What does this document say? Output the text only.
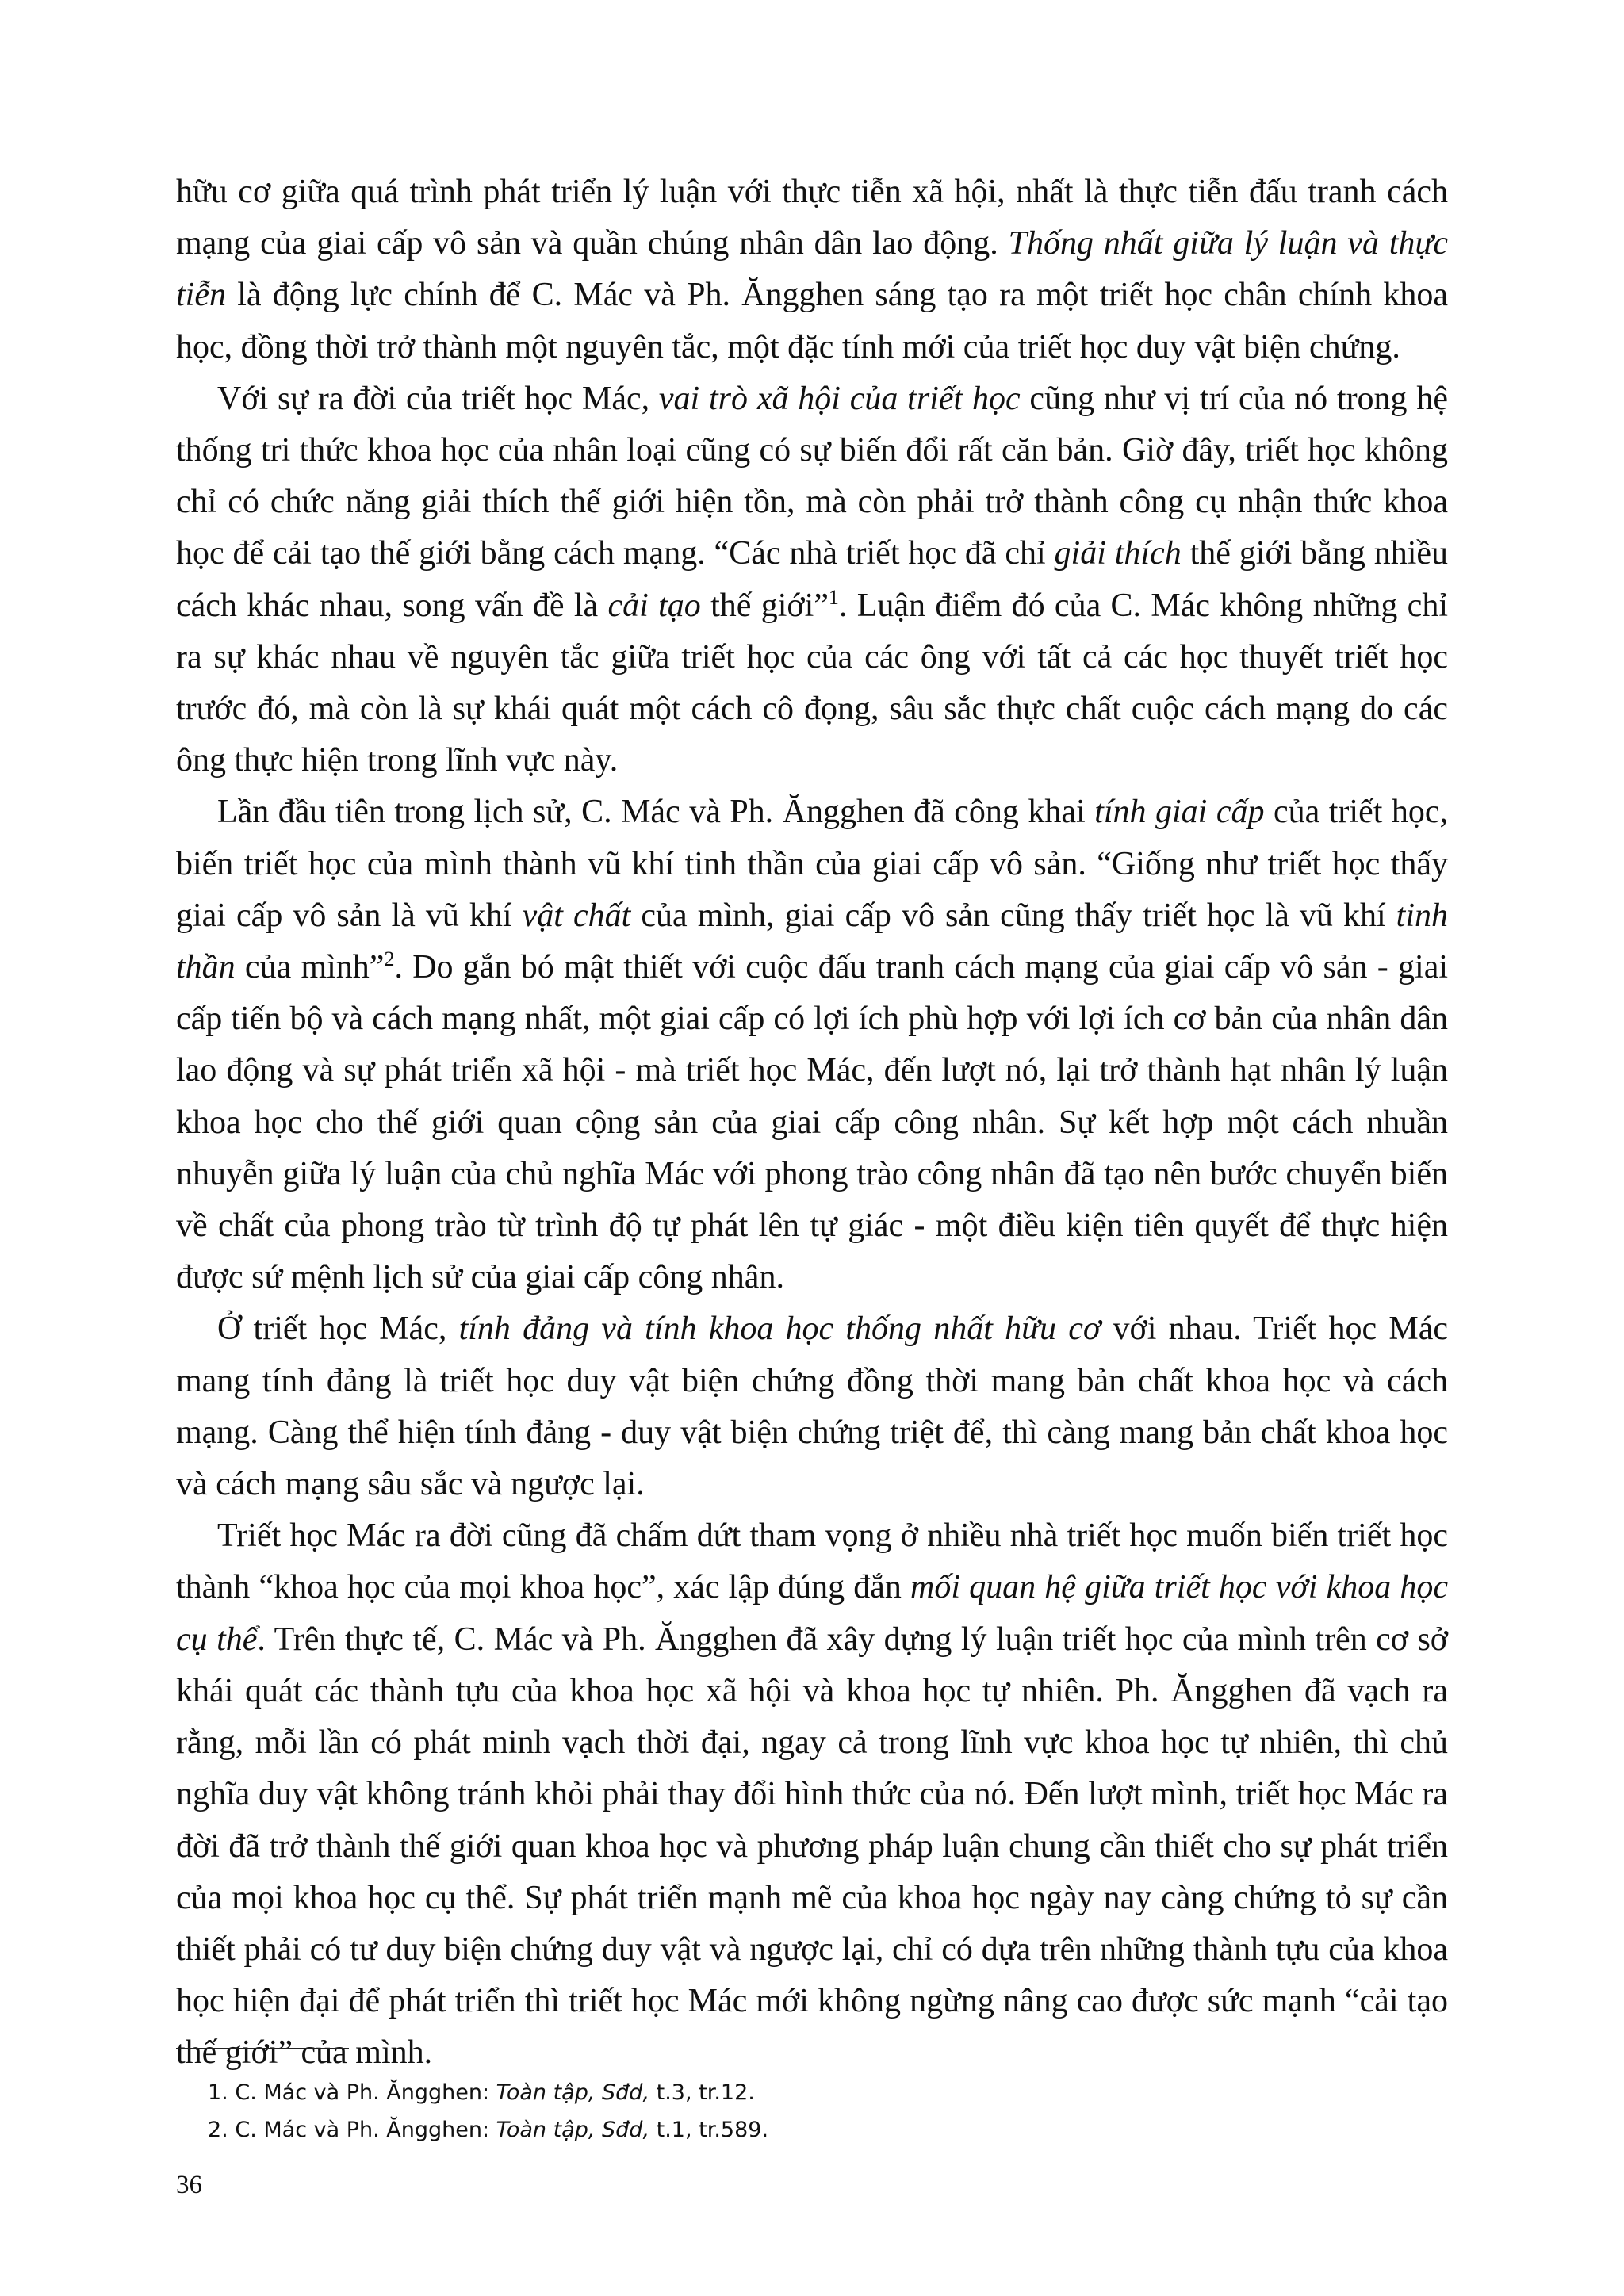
hữu cơ giữa quá trình phát triển lý luận với thực tiễn xã hội, nhất là thực tiễn đấu tranh cách mạng của giai cấp vô sản và quần chúng nhân dân lao động. Thống nhất giữa lý luận và thực tiễn là động lực chính để C. Mác và Ph. Ăngghen sáng tạo ra một triết học chân chính khoa học, đồng thời trở thành một nguyên tắc, một đặc tính mới của triết học duy vật biện chứng.

Với sự ra đời của triết học Mác, vai trò xã hội của triết học cũng như vị trí của nó trong hệ thống tri thức khoa học của nhân loại cũng có sự biến đổi rất căn bản. Giờ đây, triết học không chỉ có chức năng giải thích thế giới hiện tồn, mà còn phải trở thành công cụ nhận thức khoa học để cải tạo thế giới bằng cách mạng. “Các nhà triết học đã chỉ giải thích thế giới bằng nhiều cách khác nhau, song vấn đề là cải tạo thế giới”$^1$. Luận điểm đó của C. Mác không những chỉ ra sự khác nhau về nguyên tắc giữa triết học của các ông với tất cả các học thuyết triết học trước đó, mà còn là sự khái quát một cách cô đọng, sâu sắc thực chất cuộc cách mạng do các ông thực hiện trong lĩnh vực này.

Lần đầu tiên trong lịch sử, C. Mác và Ph. Ăngghen đã công khai tính giai cấp của triết học, biến triết học của mình thành vũ khí tinh thần của giai cấp vô sản. “Giống như triết học thấy giai cấp vô sản là vũ khí vật chất của mình, giai cấp vô sản cũng thấy triết học là vũ khí tinh thần của mình”$^2$. Do gắn bó mật thiết với cuộc đấu tranh cách mạng của giai cấp vô sản - giai cấp tiến bộ và cách mạng nhất, một giai cấp có lợi ích phù hợp với lợi ích cơ bản của nhân dân lao động và sự phát triển xã hội - mà triết học Mác, đến lượt nó, lại trở thành hạt nhân lý luận khoa học cho thế giới quan cộng sản của giai cấp công nhân. Sự kết hợp một cách nhuần nhuyễn giữa lý luận của chủ nghĩa Mác với phong trào công nhân đã tạo nên bước chuyển biến về chất của phong trào từ trình độ tự phát lên tự giác - một điều kiện tiên quyết để thực hiện được sứ mệnh lịch sử của giai cấp công nhân.

Ở triết học Mác, tính đảng và tính khoa học thống nhất hữu cơ với nhau. Triết học Mác mang tính đảng là triết học duy vật biện chứng đồng thời mang bản chất khoa học và cách mạng. Càng thể hiện tính đảng - duy vật biện chứng triệt để, thì càng mang bản chất khoa học và cách mạng sâu sắc và ngược lại.

Triết học Mác ra đời cũng đã chấm dứt tham vọng ở nhiều nhà triết học muốn biến triết học thành “khoa học của mọi khoa học”, xác lập đúng đắn mối quan hệ giữa triết học với khoa học cụ thể. Trên thực tế, C. Mác và Ph. Ăngghen đã xây dựng lý luận triết học của mình trên cơ sở khái quát các thành tựu của khoa học xã hội và khoa học tự nhiên. Ph. Ăngghen đã vạch ra rằng, mỗi lần có phát minh vạch thời đại, ngay cả trong lĩnh vực khoa học tự nhiên, thì chủ nghĩa duy vật không tránh khỏi phải thay đổi hình thức của nó. Đến lượt mình, triết học Mác ra đời đã trở thành thế giới quan khoa học và phương pháp luận chung cần thiết cho sự phát triển của mọi khoa học cụ thể. Sự phát triển mạnh mẽ của khoa học ngày nay càng chứng tỏ sự cần thiết phải có tư duy biện chứng duy vật và ngược lại, chỉ có dựa trên những thành tựu của khoa học hiện đại để phát triển thì triết học Mác mới không ngừng nâng cao được sức mạnh “cải tạo thế giới” của mình.

1. C. Mác và Ph. Ăngghen: Toàn tập, Sđd, t.3, tr.12.
2. C. Mác và Ph. Ăngghen: Toàn tập, Sđd, t.1, tr.589.
36
